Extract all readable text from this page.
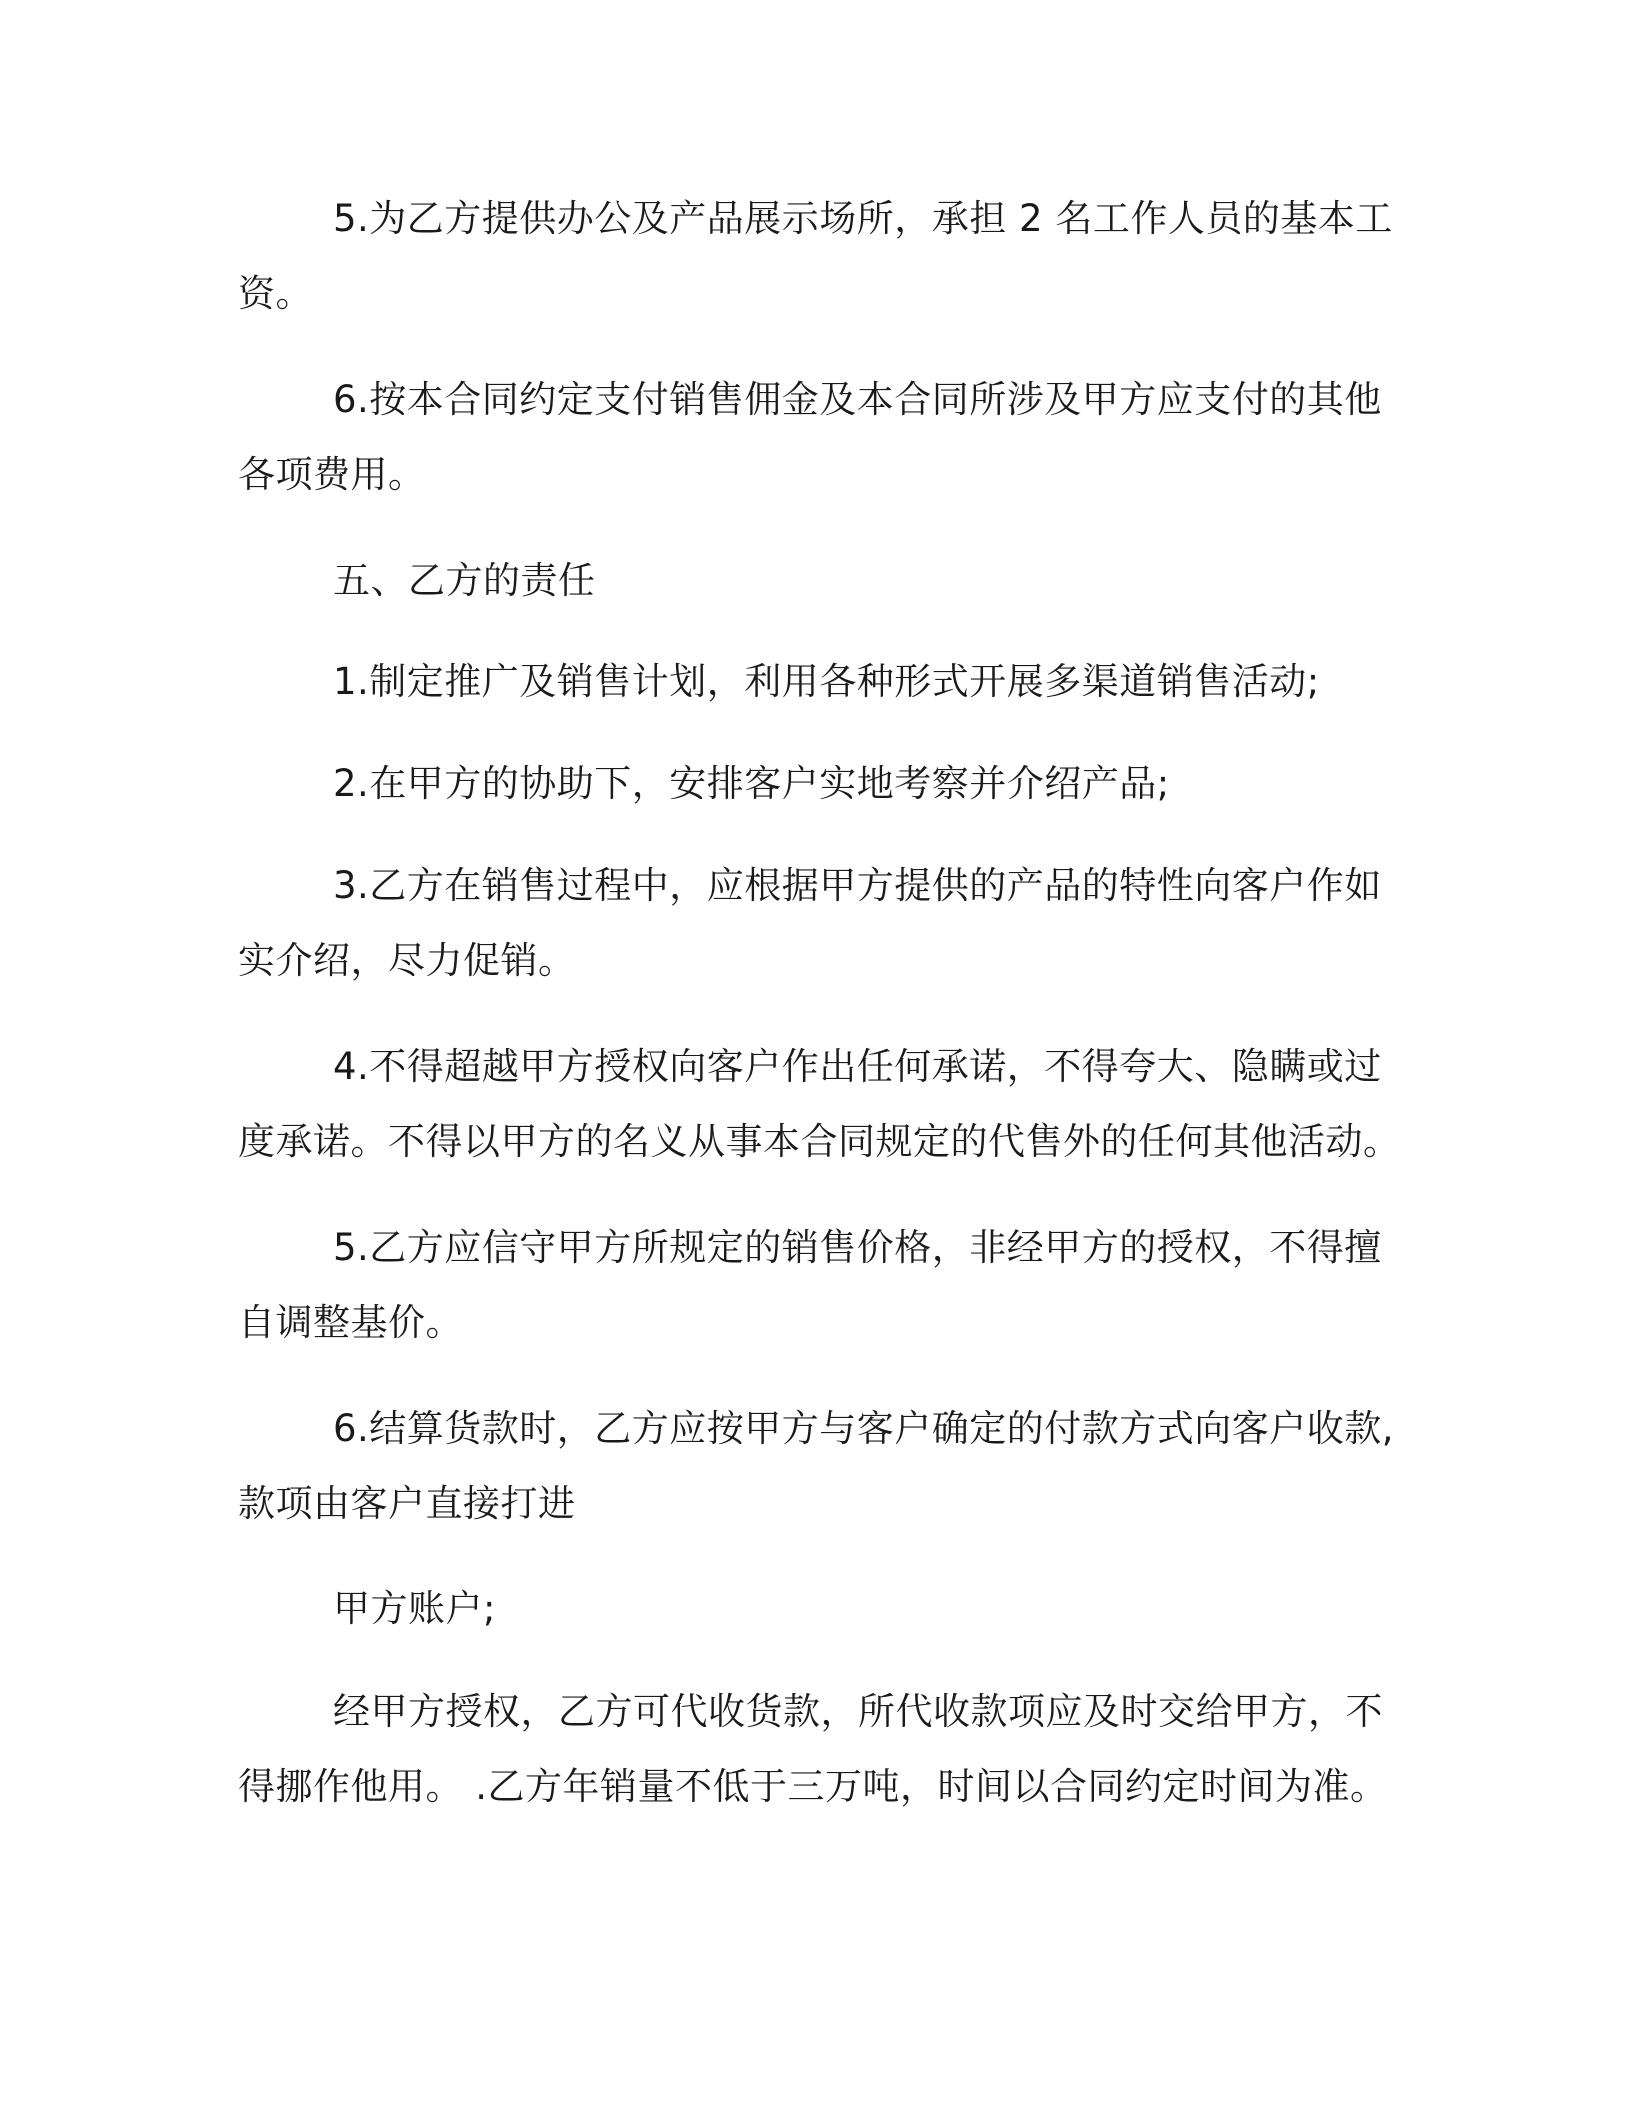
5.为乙方提供办公及产品展示场所，承担 2 名工作人员的基本工
资。
6.按本合同约定支付销售佣金及本合同所涉及甲方应支付的其他
各项费用。
五、乙方的责任
1.制定推广及销售计划，利用各种形式开展多渠道销售活动;
2.在甲方的协助下，安排客户实地考察并介绍产品;
3.乙方在销售过程中，应根据甲方提供的产品的特性向客户作如
实介绍，尽力促销。
4.不得超越甲方授权向客户作出任何承诺，不得夸大、隐瞒或过
度承诺。不得以甲方的名义从事本合同规定的代售外的任何其他活动。
5.乙方应信守甲方所规定的销售价格，非经甲方的授权，不得擅
自调整基价。
6.结算货款时，乙方应按甲方与客户确定的付款方式向客户收款,
款项由客户直接打进
甲方账户;
经甲方授权，乙方可代收货款，所代收款项应及时交给甲方，不
得挪作他用。 .乙方年销量不低于三万吨，时间以合同约定时间为准。
